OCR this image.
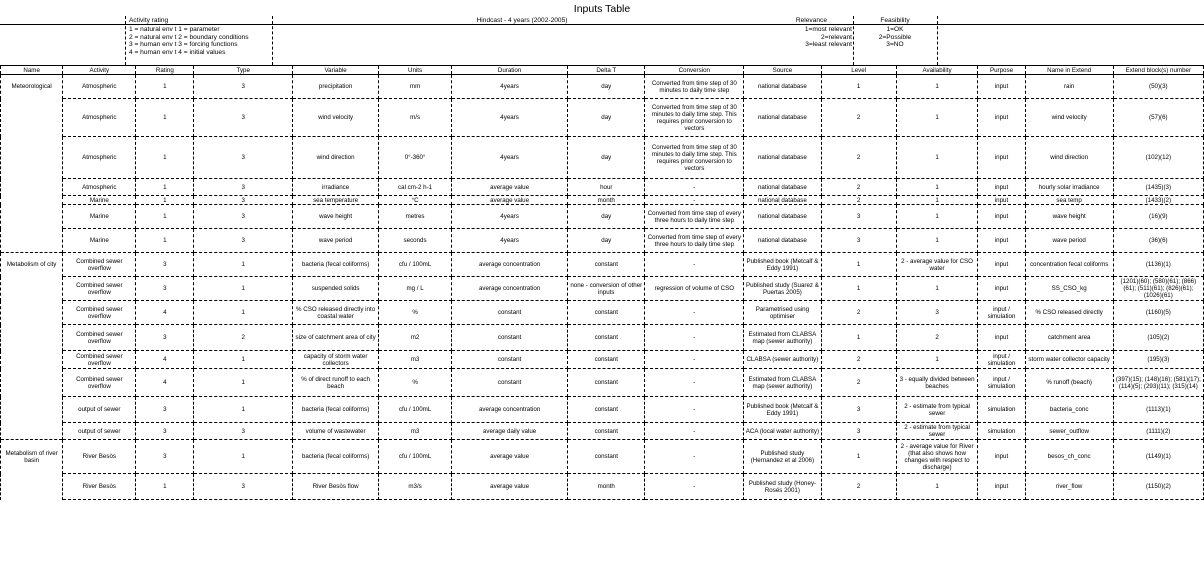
Inputs Table
Activity rating
1 = natural env t 1 = parameter
2 = natural env t 2 = boundary conditions
3 = human env t 3 = forcing functions
4 = human env t 4 = initial values
Hindcast - 4 years (2002-2005)	Relevance
1=most relevant
2=relevant
3=least relevant
Feasibility
1=OK
2=Possible
3=NO
Name	Activity	Rating	Type	Variable	Units	Duration	Delta T	Conversion	Source	Level	Availability	Purpose	Name in Extend	Extend block(s) number
Meteorological	Atmospheric	1	3	precipitation	mm	4years	day	Converted from time step of 30 minutes to daily time step	national database	1	1	input	rain	(50)(3)
	Atmospheric	1	3	wind velocity	m/s	4years	day	Converted from time step of 30 minutes to daily time step. This requires prior conversion to vectors	national database	2	1	input	wind velocity	(57)(6)
	Atmospheric	1	3	wind direction	0°-360°	4years	day	Converted from time step of 30 minutes to daily time step. This requires prior conversion to vectors	national database	2	1	input	wind direction	(102)(12)
	Atmospheric	1	3	irradiance	cal cm-2 h-1	average value	hour	-	national database	2	1	input	hourly solar irradiance	(1435)(3)
	Marine	1	3	sea temperature	°C	average value	month	-	national database	2	1	input	sea temp	(1433)(2)
	Marine	1	3	wave height	metres	4years	day	Converted from time step of every three hours to daily time step	national database	3	1	input	wave height	(16)(9)
	Marine	1	3	wave period	seconds	4years	day	Converted from time step of every three hours to daily time step	national database	3	1	input	wave period	(36)(6)
Metabolism of city	Combined sewer overflow	3	1	bacteria (fecal coliforms)	cfu / 100mL	average concentration	constant	-	Published book (Metcalf & Eddy 1991)	1	2 - average value for CSO water	input	concentration fecal coliforms	(1136)(1)
	Combined sewer overflow	3	1	suspended solids	mg / L	average concentration	none - conversion of other inputs	regression of volume of CSO	Published study (Suarez & Puertas 2005)	1	1	input	SS_CSO_kg	(1201)(60); (580)(61); (866)(61); (511)(61); (826)(61); (1026)(61)
	Combined sewer overflow	4	1	% CSO released directly into coastal water	%	constant	constant	-	Parametrised using optimiser	2	3	input / simulation	% CSO released directly	(1160)(5)
	Combined sewer overflow	3	2	size of catchment area of city	m2	constant	constant	-	Estimated from CLABSA map (sewer authority)	1	2	input	catchment area	(105)(2)
	Combined sewer overflow	4	1	capacity of storm water collectors	m3	constant	constant	-	CLABSA (sewer authority)	2	1	input / simulation	storm water collector capacity	(195)(3)
	Combined sewer overflow	4	1	% of direct runoff to each beach	%	constant	constant	-	Estimated from CLABSA map (sewer authority)	2	3 - equally divided between beaches	input / simulation	% runoff (beach)	(397)(15); (148)(16); (581)(17); (114)(5); (293)(11); (315)(14)
	output of sewer	3	1	bacteria (fecal coliforms)	cfu / 100mL	average concentration	constant	-	Published book (Metcalf & Eddy 1991)	3	2 - estimate from typical sewer	simulation	bacteria_conc	(1113)(1)
	output of sewer	3	3	volume of wastewater	m3	average daily value	constant	-	ACA (local water authority)	3	2 - estimate from typical sewer	simulation	sewer_outflow	(1111)(2)
Metabolism of river basin	River Besòs	3	1	bacteria (fecal coliforms)	cfu / 100mL	average value	constant	-	Published study (Hernandez et al 2006)	1	2 - average value for River (that also shows how changes with respect to discharge)	input	besos_ch_conc	(1149)(1)
	River Besòs	1	3	River Besòs flow	m3/s	average value	month	-	Published study (Honey-Rosés 2001)	2	1	input	river_flow	(1150)(2)
